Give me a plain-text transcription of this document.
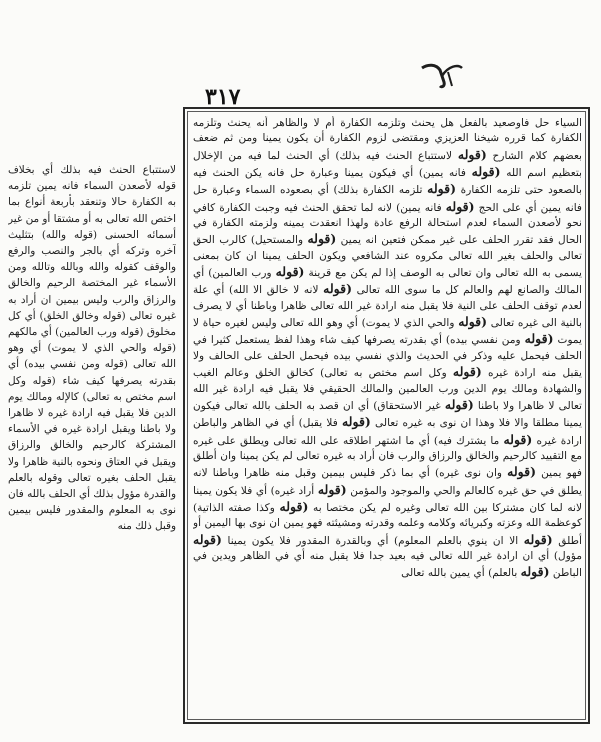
٣١٧

السياء حل فاوصعيد بالفعل هل يحنث وتلزمه الكفارة أم لا والظاهر أنه يحنث وتلزمه الكفارة كما قرره شيخنا العزيزي ومقتضى لزوم الكفارة أن يكون يمينا ومن ثم ضعف بعضهم كلام الشارح (قوله لاستتباع الحنث فيه بذلك) أي الحنث لما فيه من الإخلال بتعظيم اسم الله (قوله فانه يمين) أي فيكون يمينا وعبارة حل فانه يكن الحنث فيه بالصعود حتى تلزمه الكفارة (قوله تلزمه الكفارة بذلك) أي بصعوده السماء وعبارة حل فانه يمين أي على الحج (قوله فانه يمين) لانه لما تحقق الحنث فيه وجبت الكفارة كافي نحو لأصعدن السماء لعدم استحالة الرفع عادة ولهذا انعقدت يمينه ولزمته الكفارة في الحال فقد تقرر الحلف على غير ممكن فتعين انه يمين (قوله والمستحيل) كالرب الحق تعالى والحلف بغير الله تعالى مكروه عند الشافعي ويكون الحلف يمينا ان كان بمعنى يسمى به الله تعالى وان تعالى به الوصف إذا لم يكن مع قرينة (قوله ورب العالمين) أي المالك والصانع لهم والعالم كل ما سوى الله تعالى (قوله لانه لا خالق الا الله) أي علة لعدم توقف الحلف على النية فلا يقبل منه ارادة غير الله تعالى ظاهرا وباطنا أي لا يصرف بالنية الى غيره تعالى (قوله والحي الذي لا يموت) أي وهو الله تعالى وليس لغيره حياة لا يموت (قوله ومن نفسي بيده) أي بقدرته يصرفها كيف شاء وهذا لفظ يستعمل كثيرا في الحلف فيحمل عليه وذكر في الحديث والذي نفسي بيده فيحمل الحلف على الحالف ولا يقبل منه ارادة غيره (قوله وكل اسم مختص به تعالى) كخالق الخلق وعالم الغيب والشهادة ومالك يوم الدين ورب العالمين والمالك الحقيقي فلا يقبل فيه ارادة غير الله تعالى لا ظاهرا ولا باطنا (قوله غير الاستحقاق) أي ان قصد به الحلف بالله تعالى فيكون يمينا مطلقا والا فلا وهذا ان نوى به غيره تعالى (قوله فلا يقبل) أي في الظاهر والباطن ارادة غيره (قوله ما يشترك فيه) أي ما اشتهر اطلاقه على الله تعالى ويطلق على غيره مع التقييد كالرحيم والخالق والرزاق والرب فان أراد به غيره تعالى لم يكن يمينا وان أطلق فهو يمين (قوله وان نوى غيره) أي بما ذكر فليس بيمين وقبل منه ظاهرا وباطنا لانه يطلق في حق غيره كالعالم والحي والموجود والمؤمن (قوله أراد غيره) أي فلا يكون يمينا لانه لما كان مشتركا بين الله تعالى وغيره لم يكن مختصا به (قوله وكذا صفته الذاتية) كوعظمة الله وعزته وكبريائه وكلامه وعلمه وقدرته ومشيئته فهو يمين ان نوى بها اليمين أو أطلق (قوله الا ان ينوي بالعلم المعلوم) أي وبالقدرة المقدور فلا يكون يمينا (قوله مؤول) أي ان ارادة غير الله تعالى فيه بعيد جدا فلا يقبل منه أي في الظاهر ويدين في الباطن (قوله بالعلم) أي يمين بالله تعالى

لاستتباع الحنث فيه بذلك أي بخلاف قوله لأصعدن السماء فانه يمين تلزمه به الكفارة حالا وتنعقد بأربعة أنواع بما اختص الله تعالى به أو مشتقا أو من غير أسمائه الحسنى (قوله والله) بتثليث آخره وتركه أي بالجر والنصب والرفع والوقف كقوله والله وبالله وتالله ومن الأسماء غير المختصة الرحيم والخالق والرزاق والرب وليس بيمين ان أراد به غيره تعالى (قوله وخالق الخلق) أي كل مخلوق (قوله ورب العالمين) أي مالكهم (قوله والحي الذي لا يموت) أي وهو الله تعالى (قوله ومن نفسي بيده) أي بقدرته يصرفها كيف شاء (قوله وكل اسم مختص به تعالى) كالإله ومالك يوم الدين فلا يقبل فيه ارادة غيره لا ظاهرا ولا باطنا ويقبل ارادة غيره في الأسماء المشتركة كالرحيم والخالق والرزاق ويقبل في العتاق ونحوه بالنية ظاهرا ولا يقبل الحلف بغيره تعالى وقوله بالعلم والقدرة مؤول بذلك أي الحلف بالله فان نوى به المعلوم والمقدور فليس بيمين وقبل ذلك منه
